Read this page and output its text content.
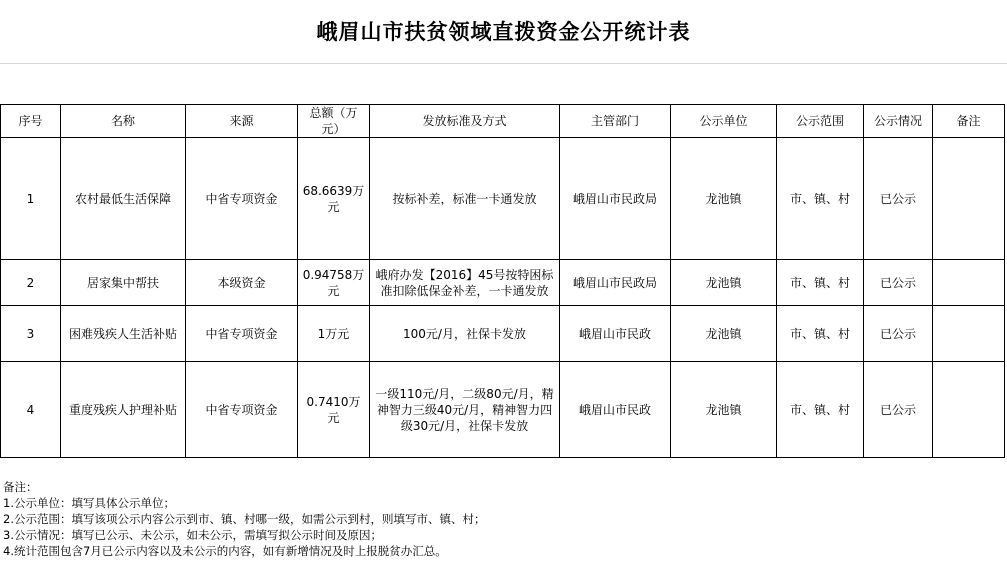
峨眉山市扶贫领域直拨资金公开统计表
序号	名称	来源	总额（万元）	发放标准及方式	主管部门	公示单位	公示范围	公示情况	备注
1	农村最低生活保障	中省专项资金	68.6639万元	按标补差，标准一卡通发放	峨眉山市民政局	龙池镇	市、镇、村	已公示	
2	居家集中帮扶	本级资金	0.94758万元	峨府办发【2016】45号按特困标准扣除低保金补差，一卡通发放	峨眉山市民政局	龙池镇	市、镇、村	已公示	
3	困难残疾人生活补贴	中省专项资金	1万元	100元/月，社保卡发放	峨眉山市民政	龙池镇	市、镇、村	已公示	
4	重度残疾人护理补贴	中省专项资金	0.7410万元	一级110元/月，二级80元/月，精神智力三级40元/月，精神智力四级30元/月，社保卡发放	峨眉山市民政	龙池镇	市、镇、村	已公示	
备注：
1.公示单位：填写具体公示单位；
2.公示范围：填写该项公示内容公示到市、镇、村哪一级，如需公示到村，则填写市、镇、村；
3.公示情况：填写已公示、未公示，如未公示，需填写拟公示时间及原因；
4.统计范围包含7月已公示内容以及未公示的内容，如有新增情况及时上报脱贫办汇总。
